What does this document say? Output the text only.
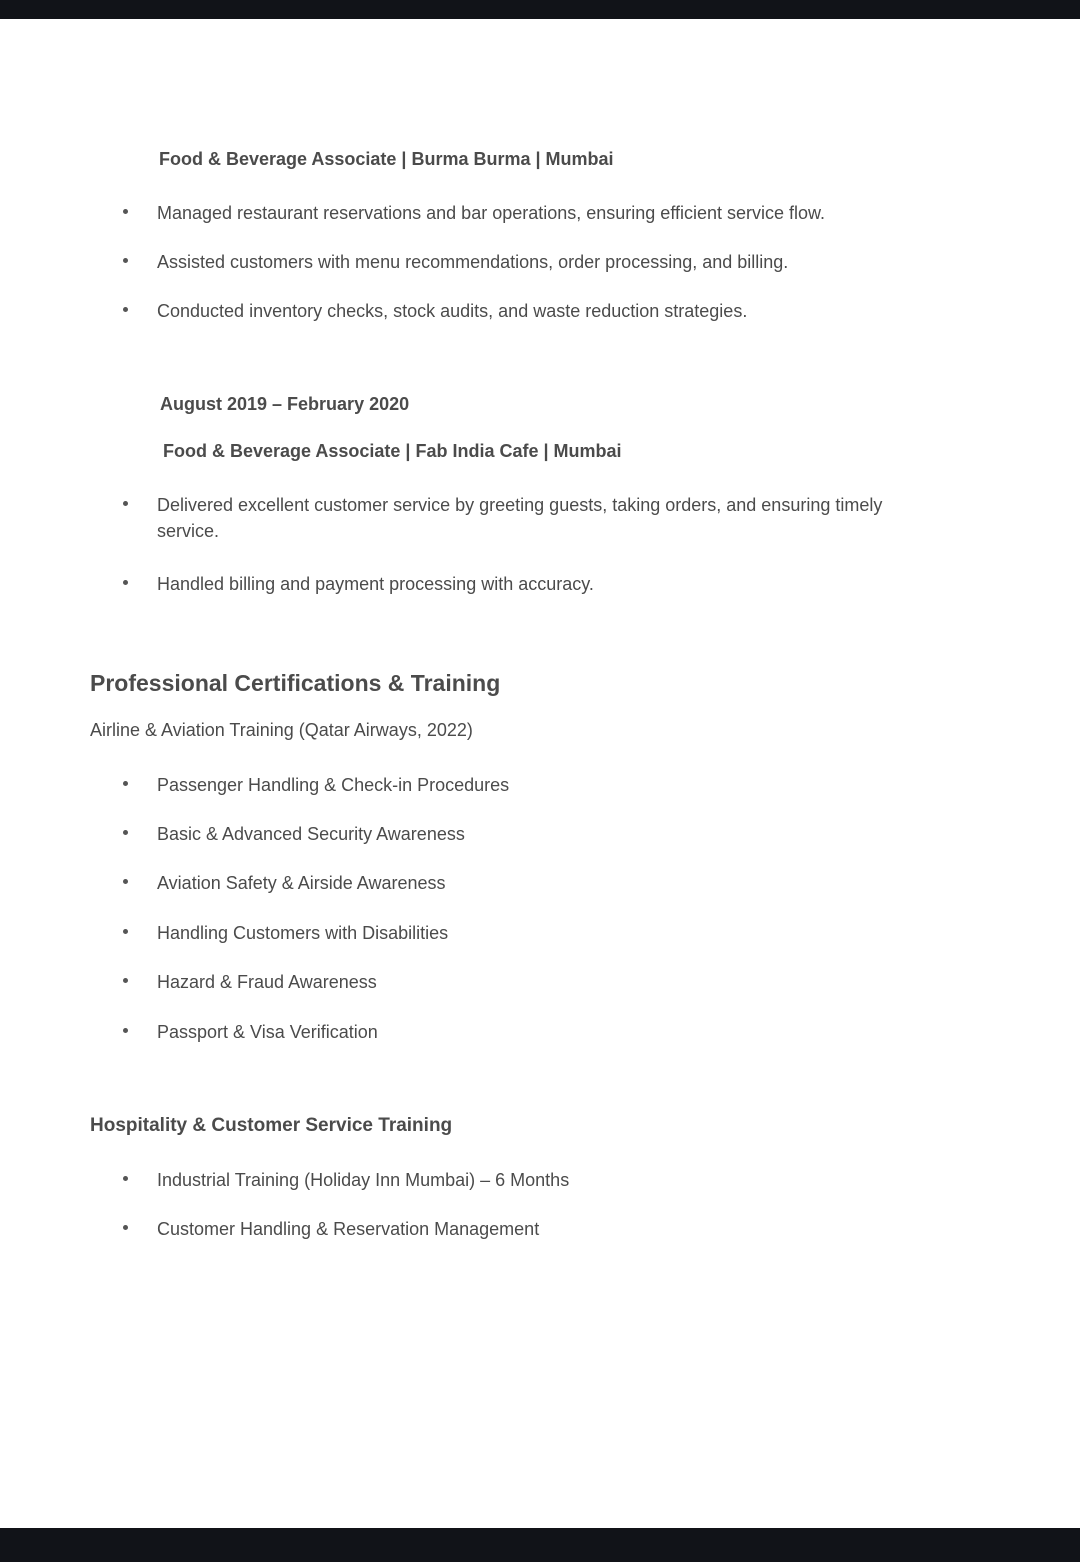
Food & Beverage Associate | Burma Burma | Mumbai
Managed restaurant reservations and bar operations, ensuring efficient service flow.
Assisted customers with menu recommendations, order processing, and billing.
Conducted inventory checks, stock audits, and waste reduction strategies.
August 2019 – February 2020
Food & Beverage Associate | Fab India Cafe | Mumbai
Delivered excellent customer service by greeting guests, taking orders, and ensuring timely service.
Handled billing and payment processing with accuracy.
Professional Certifications & Training
Airline & Aviation Training (Qatar Airways, 2022)
Passenger Handling & Check-in Procedures
Basic & Advanced Security Awareness
Aviation Safety & Airside Awareness
Handling Customers with Disabilities
Hazard & Fraud Awareness
Passport & Visa Verification
Hospitality & Customer Service Training
Industrial Training (Holiday Inn Mumbai) – 6 Months
Customer Handling & Reservation Management
